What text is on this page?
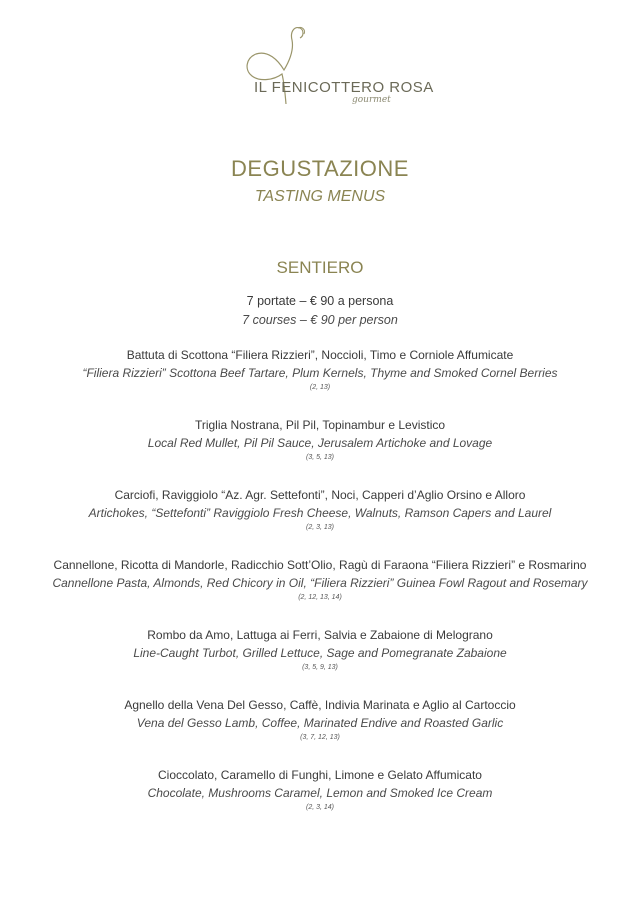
IL FENICOTTERO ROSA
gourmet
DEGUSTAZIONE
TASTING MENUS
SENTIERO
7 portate – € 90 a persona
7 courses – € 90 per person
Battuta di Scottona “Filiera Rizzieri”, Noccioli, Timo e Corniole Affumicate
“Filiera Rizzieri” Scottona Beef Tartare, Plum Kernels, Thyme and Smoked Cornel Berries
(2, 13)
Triglia Nostrana, Pil Pil, Topinambur e Levistico
Local Red Mullet, Pil Pil Sauce, Jerusalem Artichoke and Lovage
(3, 5, 13)
Carciofi, Raviggiolo “Az. Agr. Settefonti”, Noci, Capperi d’Aglio Orsino e Alloro
Artichokes, “Settefonti” Raviggiolo Fresh Cheese, Walnuts, Ramson Capers and Laurel
(2, 3, 13)
Cannellone, Ricotta di Mandorle, Radicchio Sott’Olio, Ragù di Faraona “Filiera Rizzieri” e Rosmarino
Cannellone Pasta, Almonds, Red Chicory in Oil, “Filiera Rizzieri” Guinea Fowl Ragout and Rosemary
(2, 12, 13, 14)
Rombo da Amo, Lattuga ai Ferri, Salvia e Zabaione di Melograno
Line-Caught Turbot, Grilled Lettuce, Sage and Pomegranate Zabaione
(3, 5, 9, 13)
Agnello della Vena Del Gesso, Caffè, Indivia Marinata e Aglio al Cartoccio
Vena del Gesso Lamb, Coffee, Marinated Endive and Roasted Garlic
(3, 7, 12, 13)
Cioccolato, Caramello di Funghi, Limone e Gelato Affumicato
Chocolate, Mushrooms Caramel, Lemon and Smoked Ice Cream
(2, 3, 14)
